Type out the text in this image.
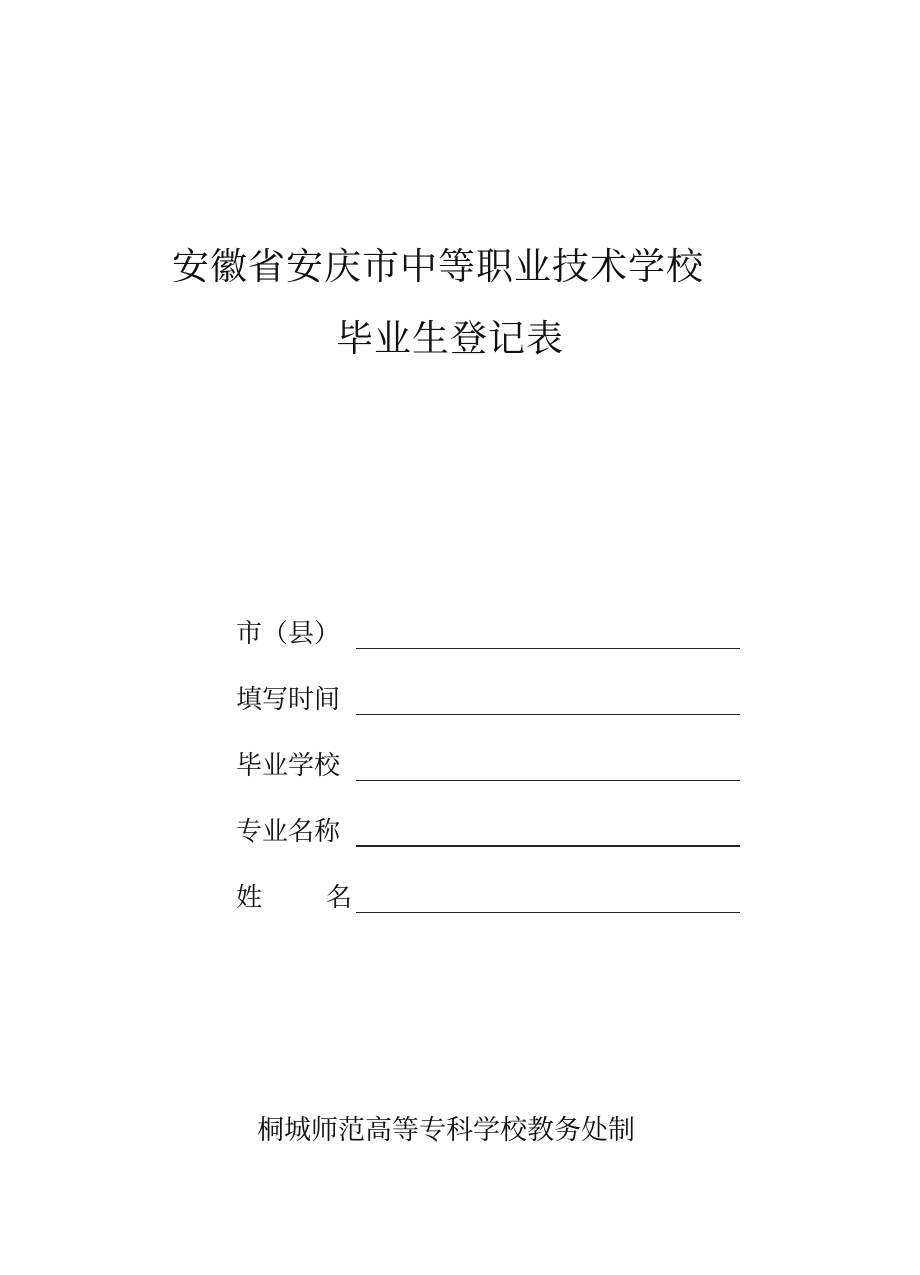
安徽省安庆市中等职业技术学校
毕业生登记表
市（县）
填写时间
毕业学校
专业名称
姓 名
桐城师范高等专科学校教务处制
